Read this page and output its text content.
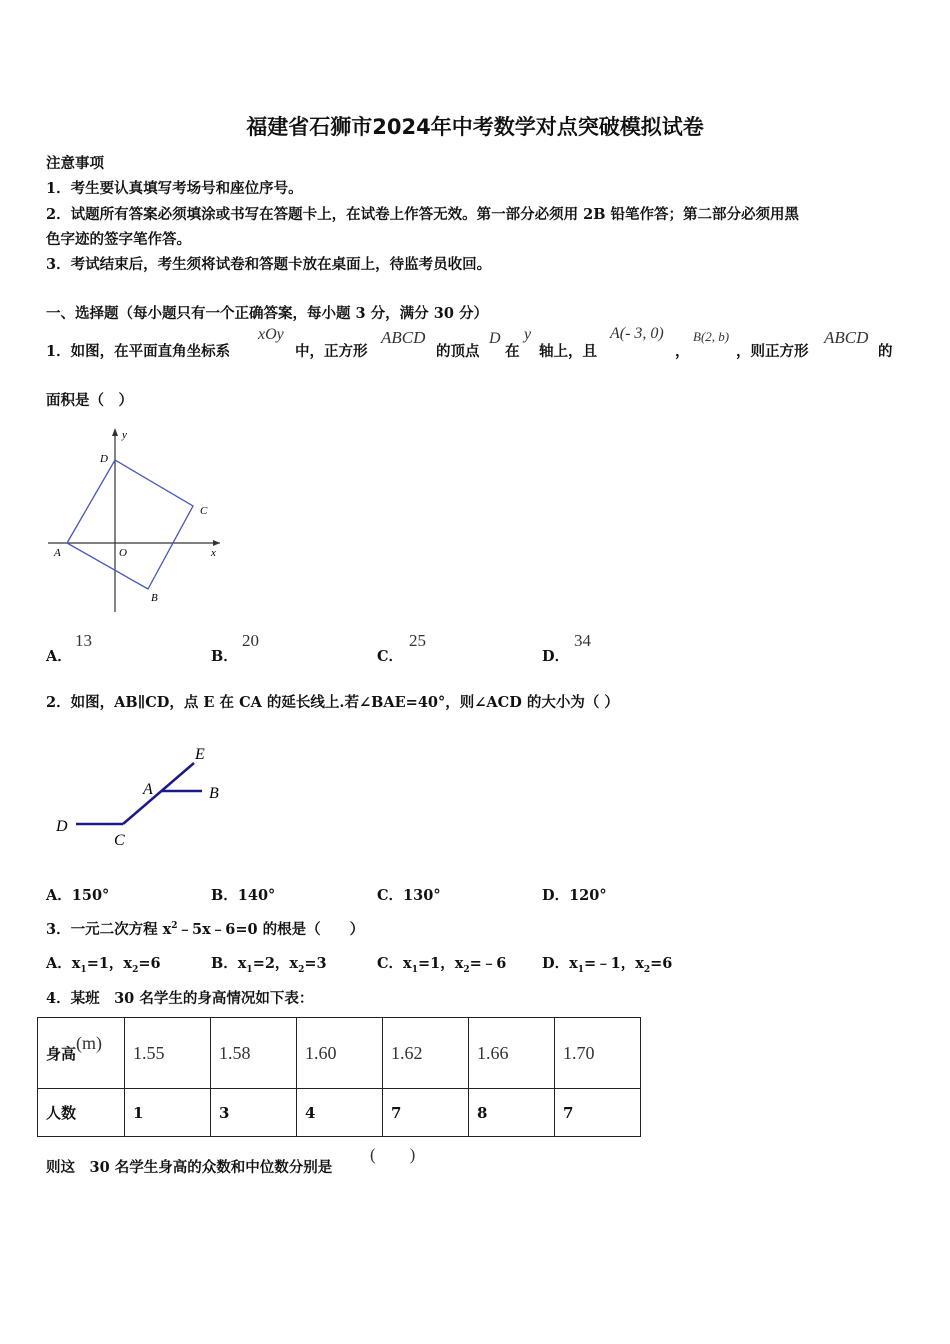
福建省石狮市2024年中考数学对点突破模拟试卷
注意事项
1．考生要认真填写考场号和座位序号。
2．试题所有答案必须填涂或书写在答题卡上，在试卷上作答无效。第一部分必须用 2B 铅笔作答；第二部分必须用黑
色字迹的签字笔作答。
3．考试结束后，考生须将试卷和答题卡放在桌面上，待监考员收回。
一、选择题（每小题只有一个正确答案，每小题 3 分，满分 30 分）
1．如图，在平面直角坐标系
xOy
中，正方形
ABCD
的顶点
D
在
y
轴上，且
A(- 3, 0)
，
B(2, b)
，则正方形
ABCD
的
面积是（　）
y
D
C
A	O	x
B
A．
13
B．
20
C．
25
D．
34
2．如图，AB∥CD，点 E 在 CA 的延长线上.若∠BAE=40°，则∠ACD 的大小为（ ）
E
A	B
D
C
A．150°	B．140°	C．130°	D．120°
3．一元二次方程 $x^2﹣5x﹣6=0$ 的根是（　　）
A．$x_1=1$，$x_2=6$	B．$x_1=2$，$x_2=3$	C．$x_1=1$，$x_2=﹣6$ D．$x_1=﹣1$，$x_2=6$
4．某班　30 名学生的身高情况如下表：
身高(m)	1.55	1.58	1.60	1.62	1.66	1.70
人数	1	3	4	7	8	7
则这　30 名学生身高的众数和中位数分别是
(　　)
